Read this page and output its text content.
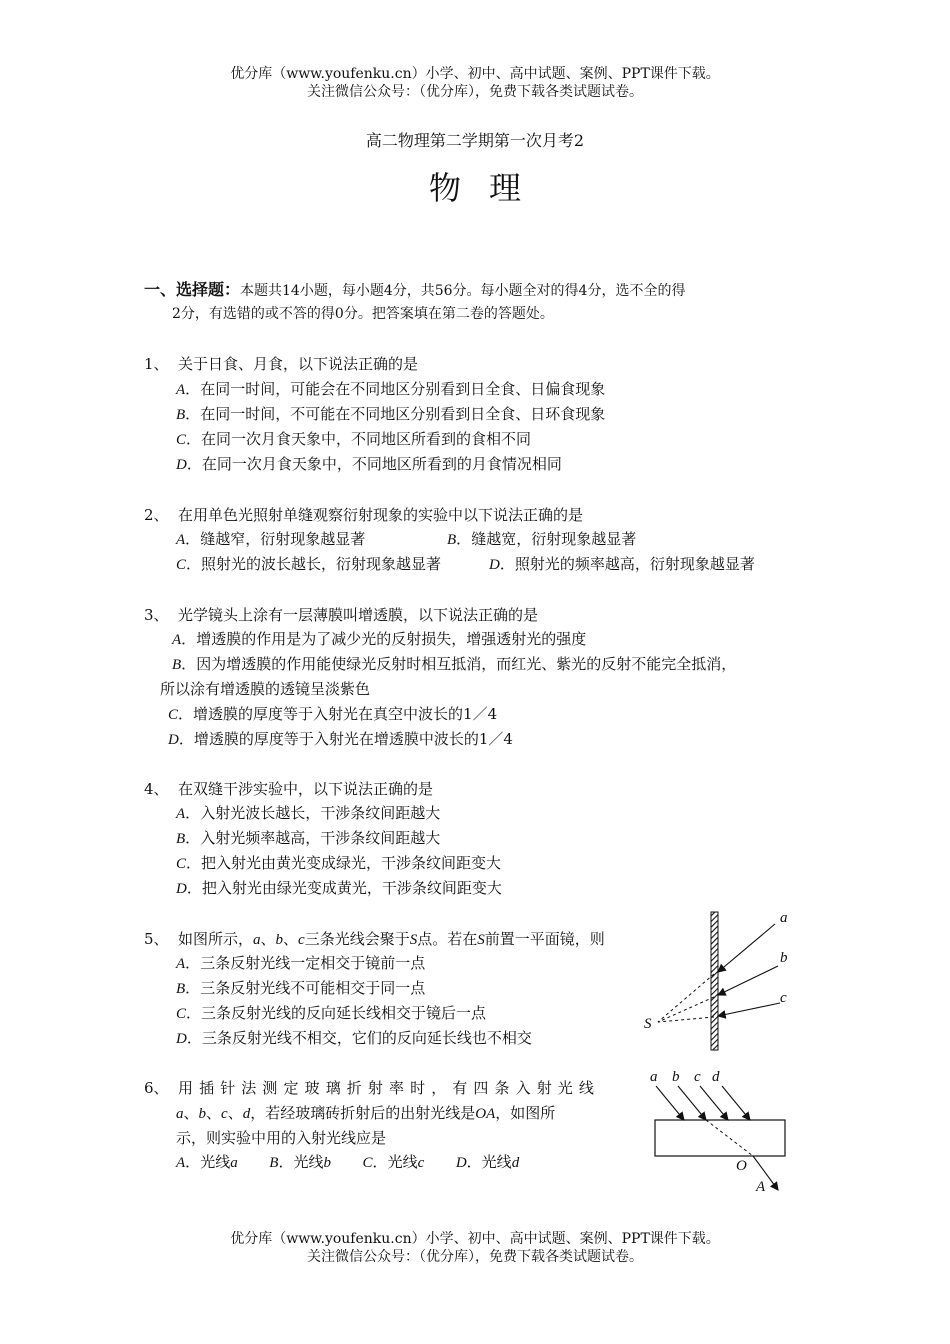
优分库（www.youfenku.cn）小学、初中、高中试题、案例、PPT课件下载。
关注微信公众号：（优分库），免费下载各类试题试卷。
高二物理第二学期第一次月考2
物理
一、选择题：本题共14小题，每小题4分，共56分。每小题全对的得4分，选不全的得
2分，有选错的或不答的得0分。把答案填在第二卷的答题处。
1、 关于日食、月食，以下说法正确的是
A．在同一时间，可能会在不同地区分别看到日全食、日偏食现象
B．在同一时间，不可能在不同地区分别看到日全食、日环食现象
C．在同一次月食天象中，不同地区所看到的食相不同
D．在同一次月食天象中，不同地区所看到的月食情况相同
2、 在用单色光照射单缝观察衍射现象的实验中以下说法正确的是
A．缝越窄，衍射现象越显著	B．缝越宽，衍射现象越显著
C．照射光的波长越长，衍射现象越显著	D．照射光的频率越高，衍射现象越显著
3、 光学镜头上涂有一层薄膜叫增透膜，以下说法正确的是
A．增透膜的作用是为了减少光的反射损失，增强透射光的强度
B．因为增透膜的作用能使绿光反射时相互抵消，而红光、紫光的反射不能完全抵消，
所以涂有增透膜的透镜呈淡紫色
C．增透膜的厚度等于入射光在真空中波长的1／4
D．增透膜的厚度等于入射光在增透膜中波长的1／4
4、 在双缝干涉实验中，以下说法正确的是
A．入射光波长越长，干涉条纹间距越大
B．入射光频率越高，干涉条纹间距越大
C．把入射光由黄光变成绿光，干涉条纹间距变大
D．把入射光由绿光变成黄光，干涉条纹间距变大
5、 如图所示，a、b、c三条光线会聚于S点。若在S前置一平面镜，则
A．三条反射光线一定相交于镜前一点
B．三条反射光线不可能相交于同一点
C．三条反射光线的反向延长线相交于镜后一点
D．三条反射光线不相交，它们的反向延长线也不相交
a
b
c
S
6、 用插针法测定玻璃折射率时，有四条入射光线
a、b、c、d，若经玻璃砖折射后的出射光线是OA，如图所
示，则实验中用的入射光线应是
A．光线a B．光线b C．光线c D．光线d
a b c d
O
A
优分库（www.youfenku.cn）小学、初中、高中试题、案例、PPT课件下载。
关注微信公众号：（优分库），免费下载各类试题试卷。
